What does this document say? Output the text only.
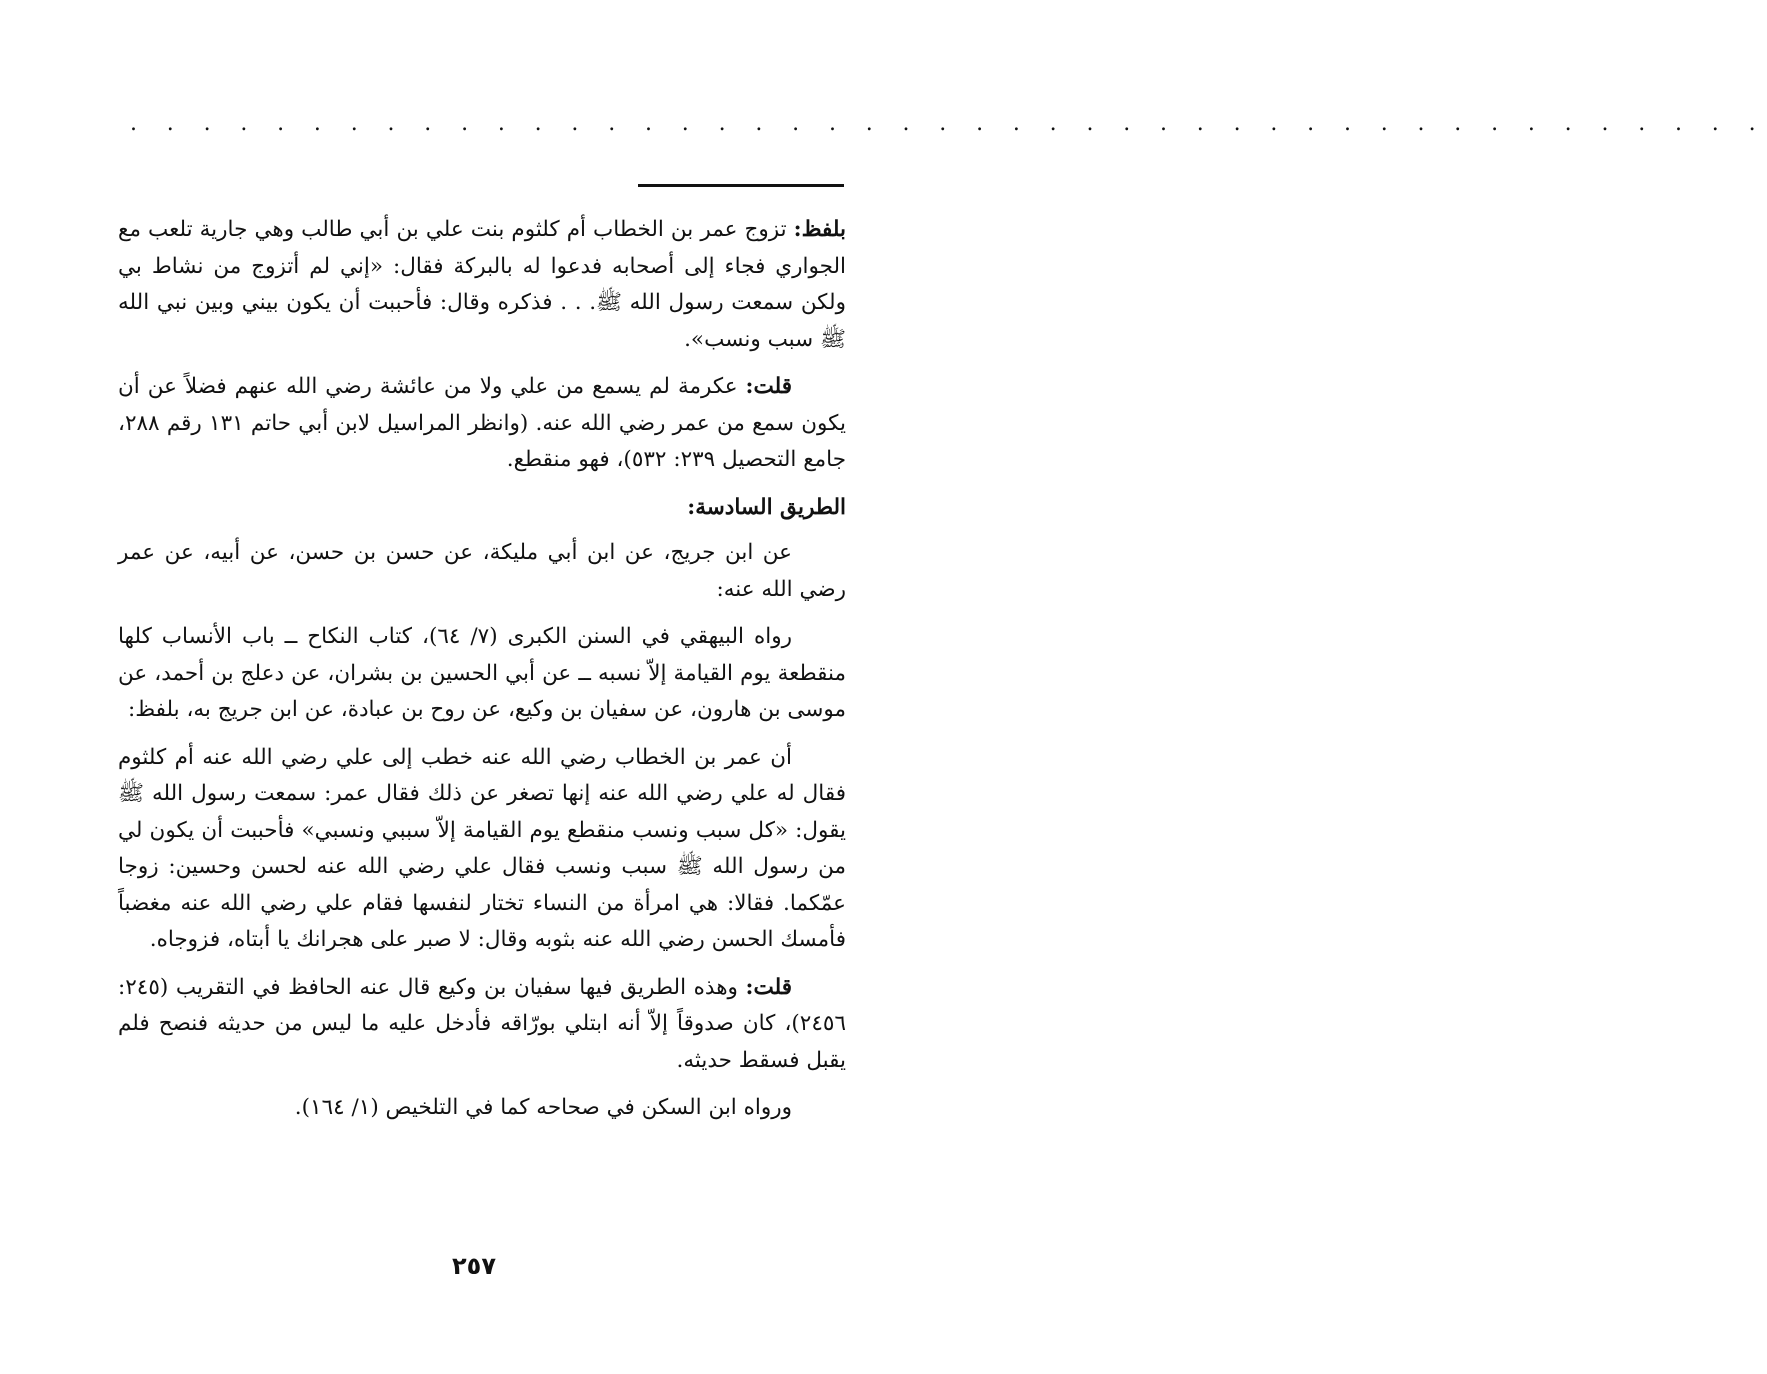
. . . . . . . . . . . . . . . . . . . . . . . . . . . . . . . . . . . . . . . . . . . . .

بلفظ: تزوج عمر بن الخطاب أم كلثوم بنت علي بن أبي طالب وهي جارية تلعب مع الجواري فجاء إلى أصحابه فدعوا له بالبركة فقال: «إني لم أتزوج من نشاط بي ولكن سمعت رسول الله ﷺ. . . فذكره وقال: فأحببت أن يكون بيني وبين نبي الله ﷺ سبب ونسب».

قلت: عكرمة لم يسمع من علي ولا من عائشة رضي الله عنهم فضلاً عن أن يكون سمع من عمر رضي الله عنه. (وانظر المراسيل لابن أبي حاتم ١٣١ رقم ٢٨٨، جامع التحصيل ٢٣٩: ٥٣٢)، فهو منقطع.

الطريق السادسة:

عن ابن جريج، عن ابن أبي مليكة، عن حسن بن حسن، عن أبيه، عن عمر رضي الله عنه:

رواه البيهقي في السنن الكبرى (٧/ ٦٤)، كتاب النكاح ــ باب الأنساب كلها منقطعة يوم القيامة إلاّ نسبه ــ عن أبي الحسين بن بشران، عن دعلج بن أحمد، عن موسى بن هارون، عن سفيان بن وكيع، عن روح بن عبادة، عن ابن جريج به، بلفظ:

أن عمر بن الخطاب رضي الله عنه خطب إلى علي رضي الله عنه أم كلثوم فقال له علي رضي الله عنه إنها تصغر عن ذلك فقال عمر: سمعت رسول الله ﷺ يقول: «كل سبب ونسب منقطع يوم القيامة إلاّ سببي ونسبي» فأحببت أن يكون لي من رسول الله ﷺ سبب ونسب فقال علي رضي الله عنه لحسن وحسين: زوجا عمّكما. فقالا: هي امرأة من النساء تختار لنفسها فقام علي رضي الله عنه مغضباً فأمسك الحسن رضي الله عنه بثوبه وقال: لا صبر على هجرانك يا أبتاه، فزوجاه.

قلت: وهذه الطريق فيها سفيان بن وكيع قال عنه الحافظ في التقريب (٢٤٥: ٢٤٥٦)، كان صدوقاً إلاّ أنه ابتلي بورّاقه فأدخل عليه ما ليس من حديثه فنصح فلم يقبل فسقط حديثه.

ورواه ابن السكن في صحاحه كما في التلخيص (١/ ١٦٤).

٢٥٧
